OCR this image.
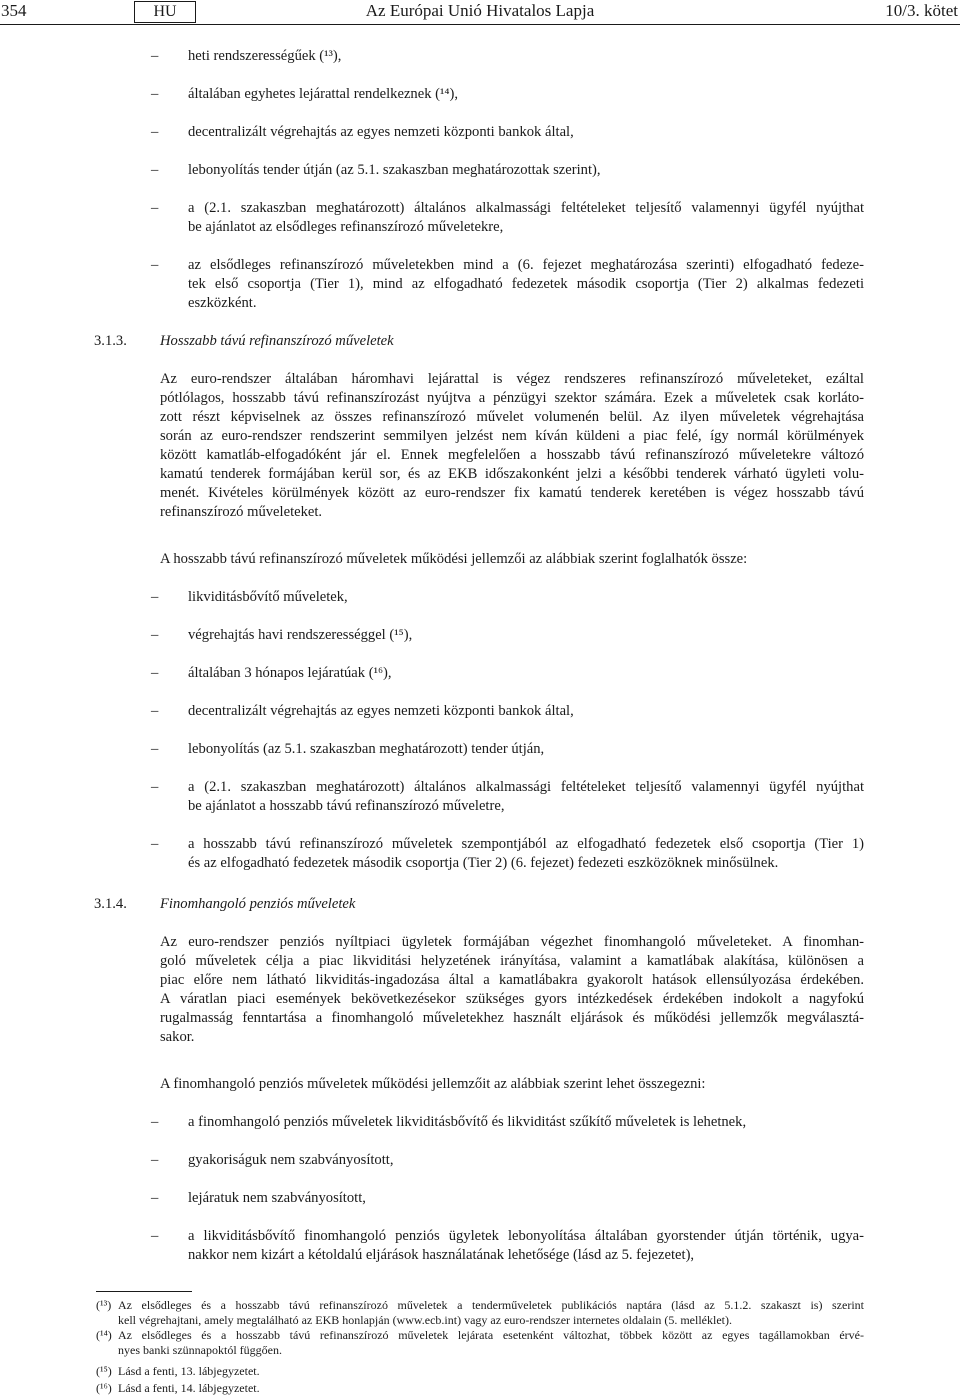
354	HU	Az Európai Unió Hivatalos Lapja	10/3. kötet
– heti rendszerességűek (¹³),
– általában egyhetes lejárattal rendelkeznek (¹⁴),
– decentralizált végrehajtás az egyes nemzeti központi bankok által,
– lebonyolítás tender útján (az 5.1. szakaszban meghatározottak szerint),
– a (2.1. szakaszban meghatározott) általános alkalmassági feltételeket teljesítő valamennyi ügyfél nyújthat
be ajánlatot az elsődleges refinanszírozó műveletekre,
– az elsődleges refinanszírozó műveletekben mind a (6. fejezet meghatározása szerinti) elfogadható fedeze-
tek első csoportja (Tier 1), mind az elfogadható fedezetek második csoportja (Tier 2) alkalmas fedezeti
eszközként.
3.1.3. Hosszabb távú refinanszírozó műveletek
Az euro-rendszer általában háromhavi lejárattal is végez rendszeres refinanszírozó műveleteket, ezáltal
pótlólagos, hosszabb távú refinanszírozást nyújtva a pénzügyi szektor számára. Ezek a műveletek csak korláto-
zott részt képviselnek az összes refinanszírozó művelet volumenén belül. Az ilyen műveletek végrehajtása
során az euro-rendszer rendszerint semmilyen jelzést nem kíván küldeni a piac felé, így normál körülmények
között kamatláb-elfogadóként jár el. Ennek megfelelően a hosszabb távú refinanszírozó műveletekre változó
kamatú tenderek formájában kerül sor, és az EKB időszakonként jelzi a későbbi tenderek várható ügyleti volu-
menét. Kivételes körülmények között az euro-rendszer fix kamatú tenderek keretében is végez hosszabb távú
refinanszírozó műveleteket.
A hosszabb távú refinanszírozó műveletek működési jellemzői az alábbiak szerint foglalhatók össze:
– likviditásbővítő műveletek,
– végrehajtás havi rendszerességgel (¹⁵),
– általában 3 hónapos lejáratúak (¹⁶),
– decentralizált végrehajtás az egyes nemzeti központi bankok által,
– lebonyolítás (az 5.1. szakaszban meghatározott) tender útján,
– a (2.1. szakaszban meghatározott) általános alkalmassági feltételeket teljesítő valamennyi ügyfél nyújthat
be ajánlatot a hosszabb távú refinanszírozó műveletre,
– a hosszabb távú refinanszírozó műveletek szempontjából az elfogadható fedezetek első csoportja (Tier 1)
és az elfogadható fedezetek második csoportja (Tier 2) (6. fejezet) fedezeti eszközöknek minősülnek.
3.1.4. Finomhangoló penziós műveletek
Az euro-rendszer penziós nyíltpiaci ügyletek formájában végezhet finomhangoló műveleteket. A finomhan-
goló műveletek célja a piac likviditási helyzetének irányítása, valamint a kamatlábak alakítása, különösen a
piac előre nem látható likviditás-ingadozása által a kamatlábakra gyakorolt hatások ellensúlyozása érdekében.
A váratlan piaci események bekövetkezésekor szükséges gyors intézkedések érdekében indokolt a nagyfokú
rugalmasság fenntartása a finomhangoló műveletekhez használt eljárások és működési jellemzők megválasztá-
sakor.
A finomhangoló penziós műveletek működési jellemzőit az alábbiak szerint lehet összegezni:
– a finomhangoló penziós műveletek likviditásbővítő és likviditást szűkítő műveletek is lehetnek,
– gyakoriságuk nem szabványosított,
– lejáratuk nem szabványosított,
– a likviditásbővítő finomhangoló penziós ügyletek lebonyolítása általában gyorstender útján történik, ugya-
nakkor nem kizárt a kétoldalú eljárások használatának lehetősége (lásd az 5. fejezetet),
(¹³) Az elsődleges és a hosszabb távú refinanszírozó műveletek a tenderműveletek publikációs naptára (lásd az 5.1.2. szakaszt is) szerint
kell végrehajtani, amely megtalálható az EKB honlapján (www.ecb.int) vagy az euro-rendszer internetes oldalain (5. melléklet).
(¹⁴) Az elsődleges és a hosszabb távú refinanszírozó műveletek lejárata esetenként változhat, többek között az egyes tagállamokban érvé-
nyes banki szünnapoktól függően.
(¹⁵) Lásd a fenti, 13. lábjegyzetet.
(¹⁶) Lásd a fenti, 14. lábjegyzetet.
